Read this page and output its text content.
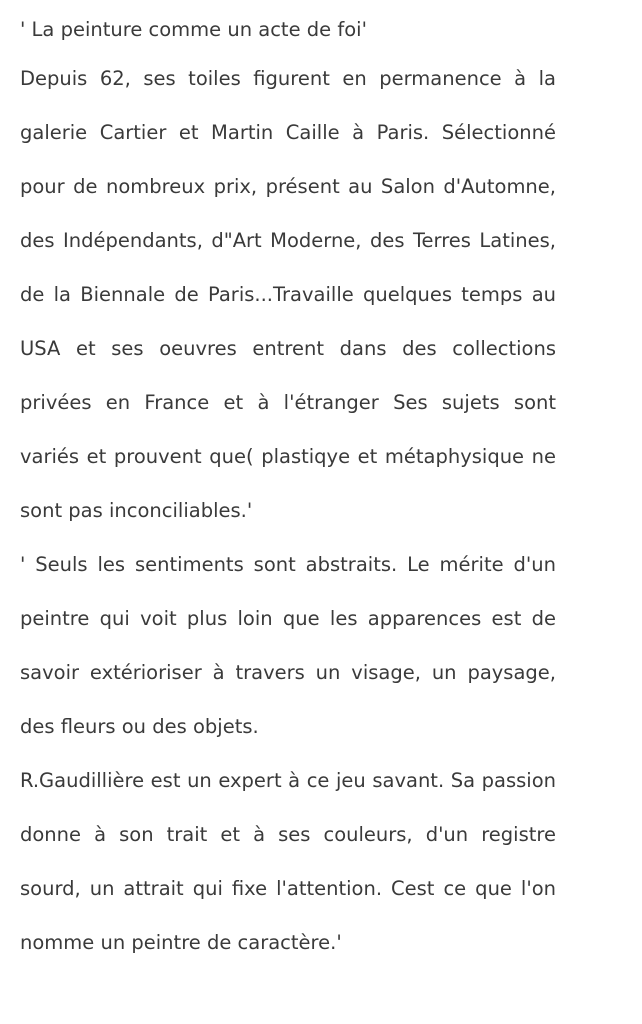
' La peinture comme un acte de foi'

Depuis 62, ses toiles figurent en permanence à la galerie Cartier et Martin Caille à Paris. Sélectionné pour de nombreux prix, présent au Salon d'Automne, des Indépendants, d"Art Moderne, des Terres Latines, de la Biennale de Paris...Travaille quelques temps au USA et ses oeuvres entrent dans des collections privées en France et à l'étranger Ses sujets sont variés et prouvent que( plastiqye et métaphysique ne sont pas inconciliables.'

' Seuls les sentiments sont abstraits. Le mérite d'un peintre qui voit plus loin que les apparences est de savoir extérioriser à travers un visage, un paysage, des fleurs ou des objets.

R.Gaudillière est un expert à ce jeu savant. Sa passion donne à son trait et à ses couleurs, d'un registre sourd, un attrait qui fixe l'attention. Cest ce que l'on nomme un peintre de caractère.'
